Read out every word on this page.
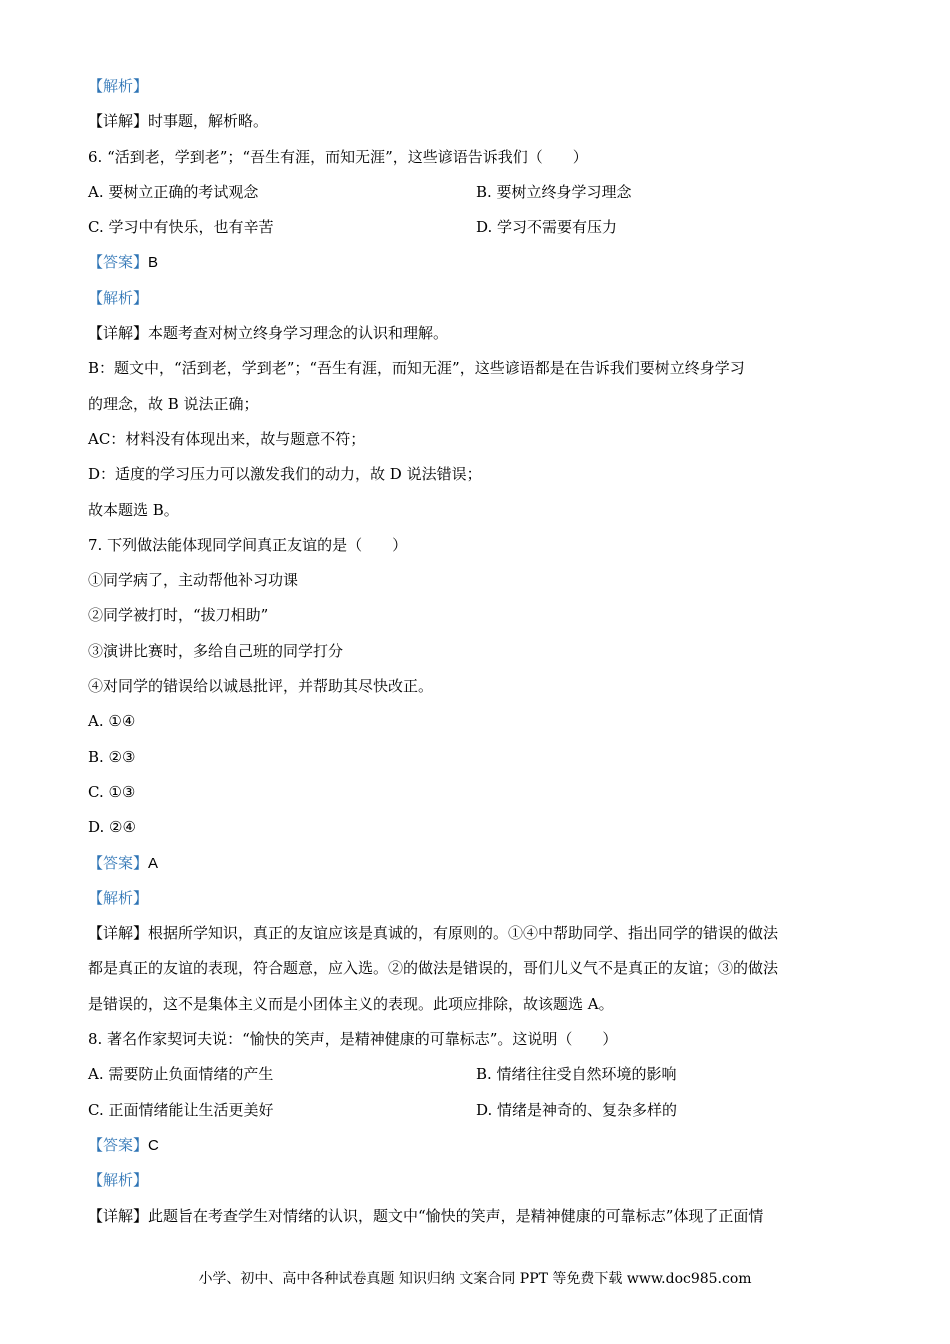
【解析】
【详解】时事题，解析略。
6. “活到老，学到老”；“吾生有涯，而知无涯”，这些谚语告诉我们（　　）
A. 要树立正确的考试观念	B. 要树立终身学习理念
C. 学习中有快乐，也有辛苦	D. 学习不需要有压力
【答案】B
【解析】
【详解】本题考查对树立终身学习理念的认识和理解。
B：题文中，“活到老，学到老”；“吾生有涯，而知无涯”，这些谚语都是在告诉我们要树立终身学习
的理念，故 B 说法正确；
AC：材料没有体现出来，故与题意不符；
D：适度的学习压力可以激发我们的动力，故 D 说法错误；
故本题选 B。
7. 下列做法能体现同学间真正友谊的是（　　）
①同学病了，主动帮他补习功课
②同学被打时，“拔刀相助”
③演讲比赛时，多给自己班的同学打分
④对同学的错误给以诚恳批评，并帮助其尽快改正。
A. ①④
B. ②③
C. ①③
D. ②④
【答案】A
【解析】
【详解】根据所学知识，真正的友谊应该是真诚的，有原则的。①④中帮助同学、指出同学的错误的做法
都是真正的友谊的表现，符合题意，应入选。②的做法是错误的，哥们儿义气不是真正的友谊；③的做法
是错误的，这不是集体主义而是小团体主义的表现。此项应排除，故该题选 A。
8. 著名作家契诃夫说：“愉快的笑声，是精神健康的可靠标志”。这说明（　　）
A. 需要防止负面情绪的产生	B. 情绪往往受自然环境的影响
C. 正面情绪能让生活更美好	D. 情绪是神奇的、复杂多样的
【答案】C
【解析】
【详解】此题旨在考查学生对情绪的认识，题文中“愉快的笑声，是精神健康的可靠标志”体现了正面情
小学、初中、高中各种试卷真题 知识归纳 文案合同 PPT 等免费下载 www.doc985.com
